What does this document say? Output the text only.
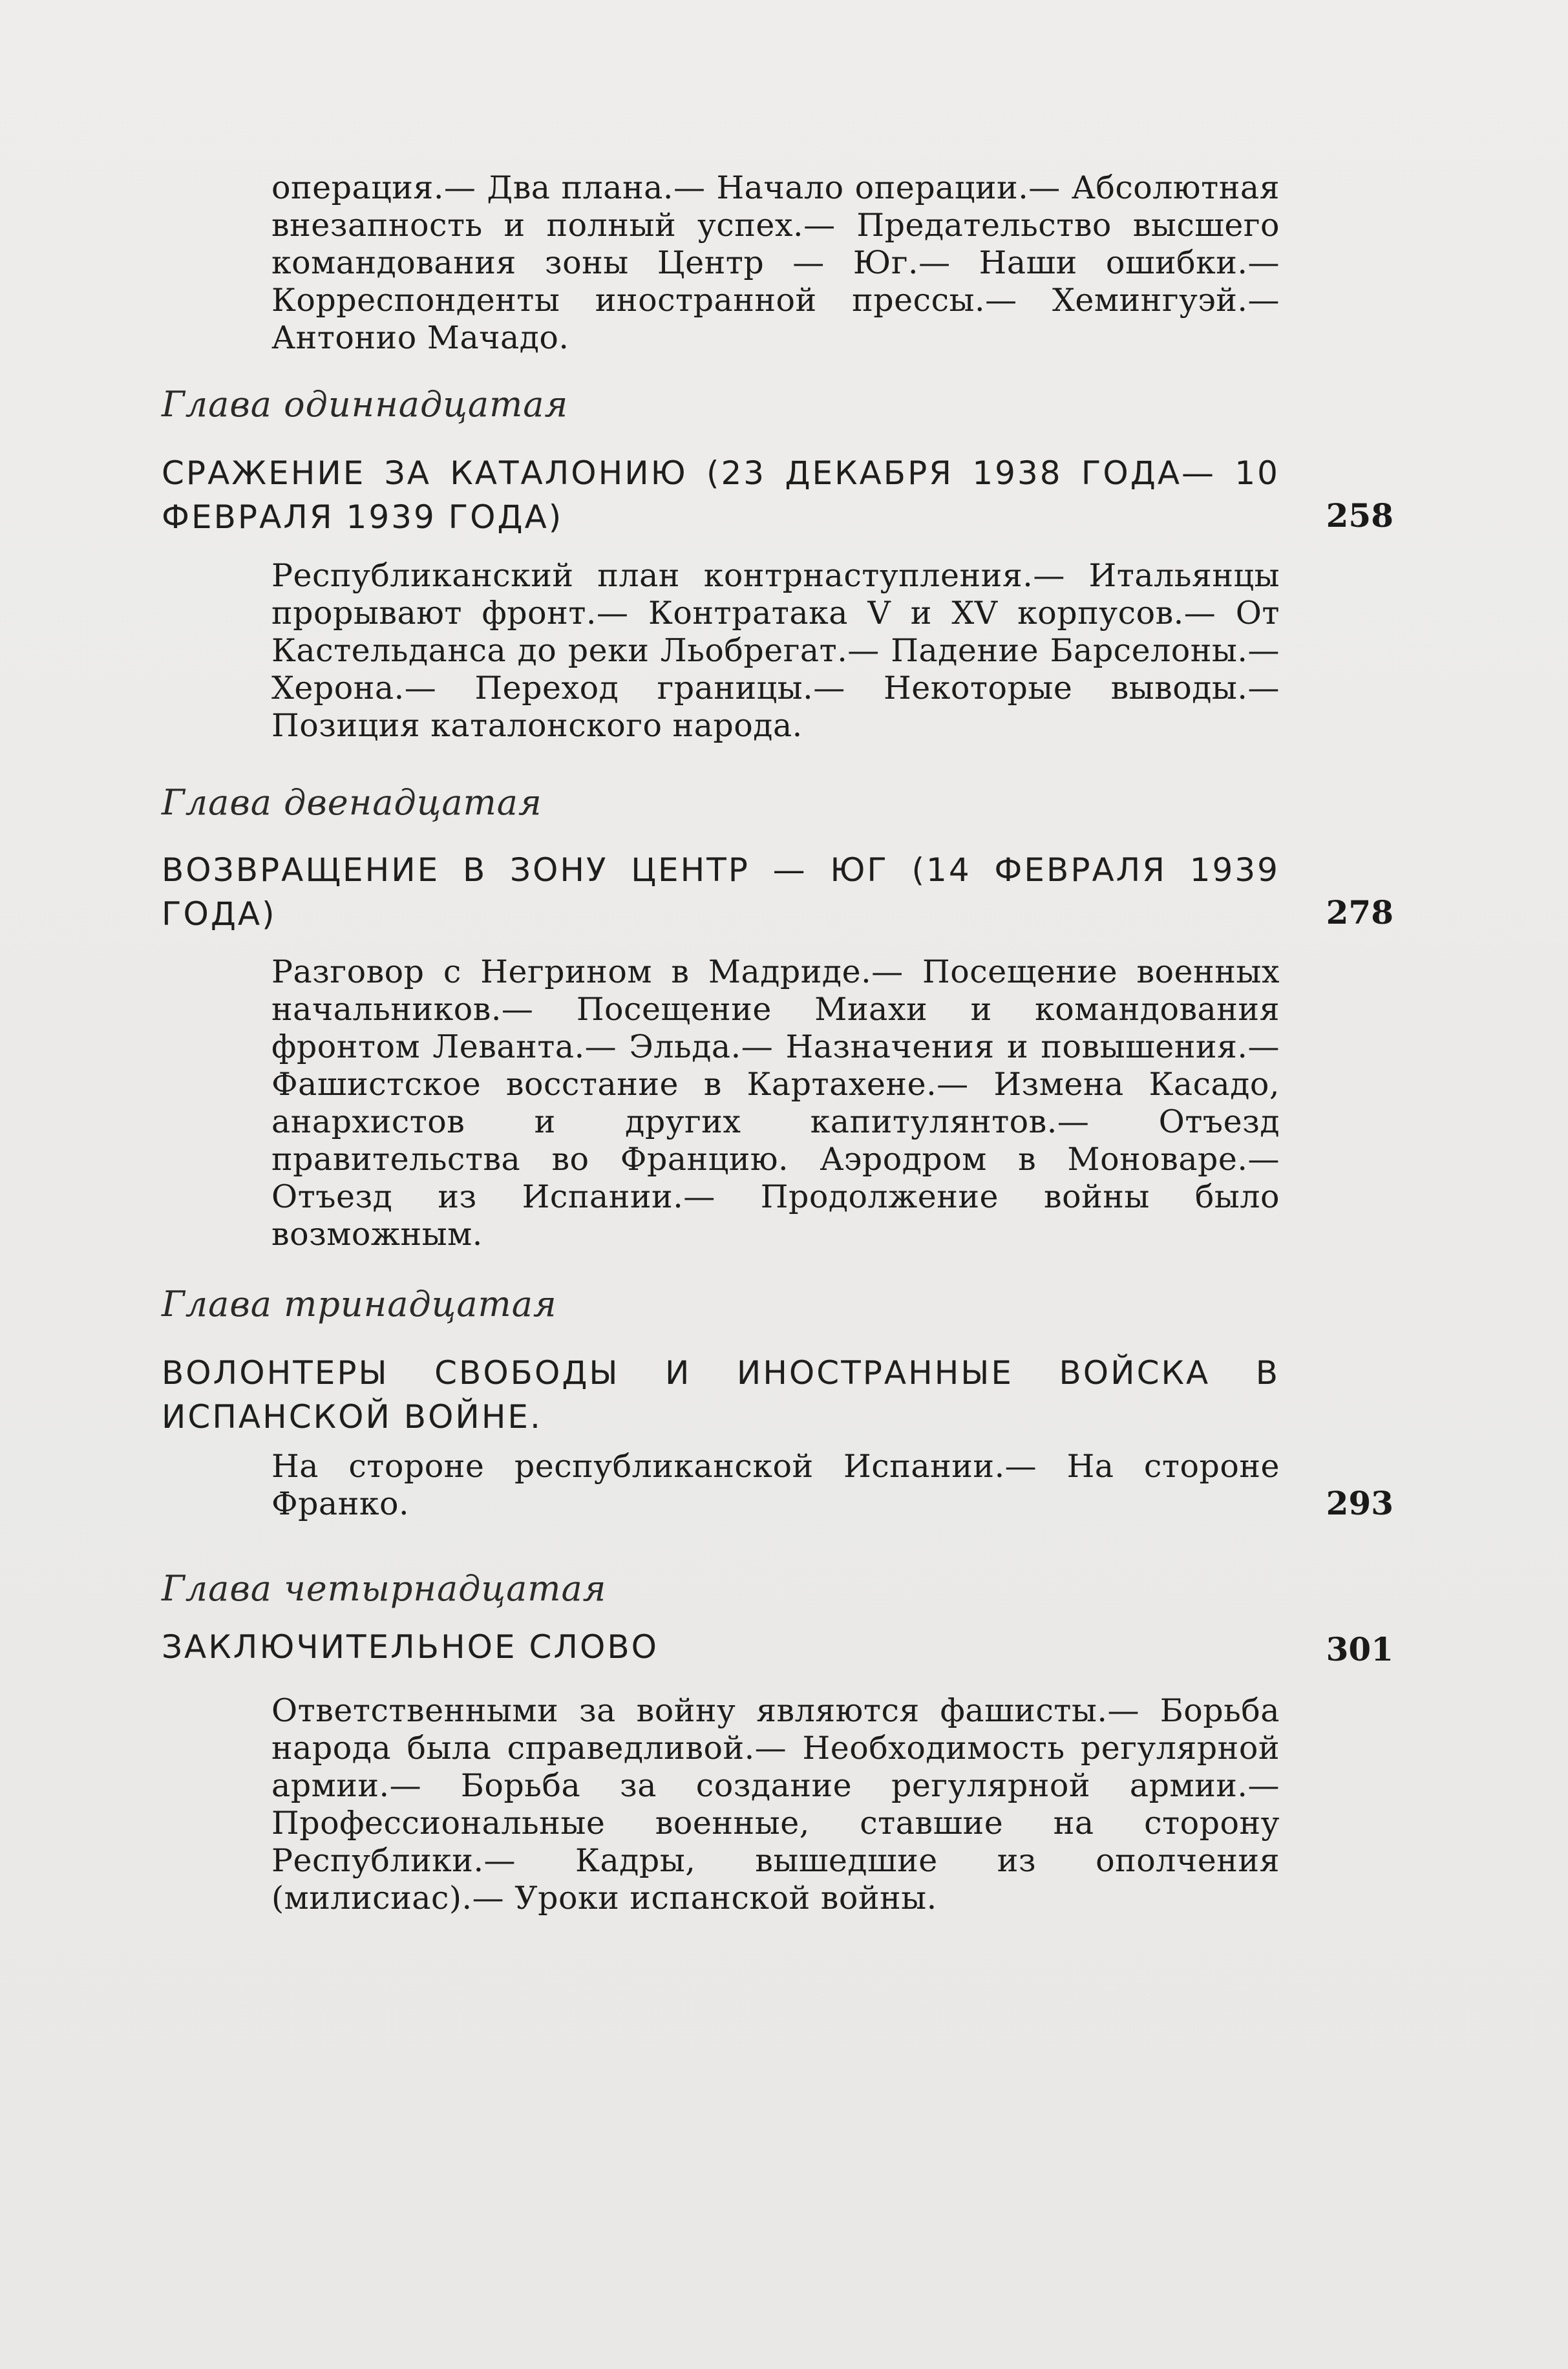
операция.— Два плана.— Начало операции.— Абсолютная внезапность и полный успех.— Предательство высшего командования зоны Центр — Юг.— Наши ошибки.— Корреспонденты иностранной прессы.— Хемингуэй.— Антонио Мачадо.
Глава одиннадцатая
СРАЖЕНИЕ ЗА КАТАЛОНИЮ (23 ДЕКАБРЯ 1938 ГОДА— 10 ФЕВРАЛЯ 1939 ГОДА)	258
Республиканский план контрнаступления.— Итальянцы прорывают фронт.— Контратака V и XV корпусов.— От Кастельданса до реки Льобрегат.— Падение Барселоны.— Херона.— Переход границы.— Некоторые выводы.— Позиция каталонского народа.
Глава двенадцатая
ВОЗВРАЩЕНИЕ В ЗОНУ ЦЕНТР — ЮГ (14 ФЕВРАЛЯ 1939 ГОДА)	278
Разговор с Негрином в Мадриде.— Посещение военных начальников.— Посещение Миахи и командования фронтом Леванта.— Эльда.— Назначения и повышения.— Фашистское восстание в Картахене.— Измена Касадо, анархистов и других капитулянтов.— Отъезд правительства во Францию. Аэродром в Моноваре.— Отъезд из Испании.— Продолжение войны было возможным.
Глава тринадцатая
ВОЛОНТЕРЫ СВОБОДЫ И ИНОСТРАННЫЕ ВОЙСКА В ИСПАНСКОЙ ВОЙНЕ.
На стороне республиканской Испании.— На стороне Франко.	293
Глава четырнадцатая
ЗАКЛЮЧИТЕЛЬНОЕ СЛОВО	301
Ответственными за войну являются фашисты.— Борьба народа была справедливой.— Необходимость регулярной армии.— Борьба за создание регулярной армии.— Профессиональные военные, ставшие на сторону Республики.— Кадры, вышедшие из ополчения (милисиас).— Уроки испанской войны.
